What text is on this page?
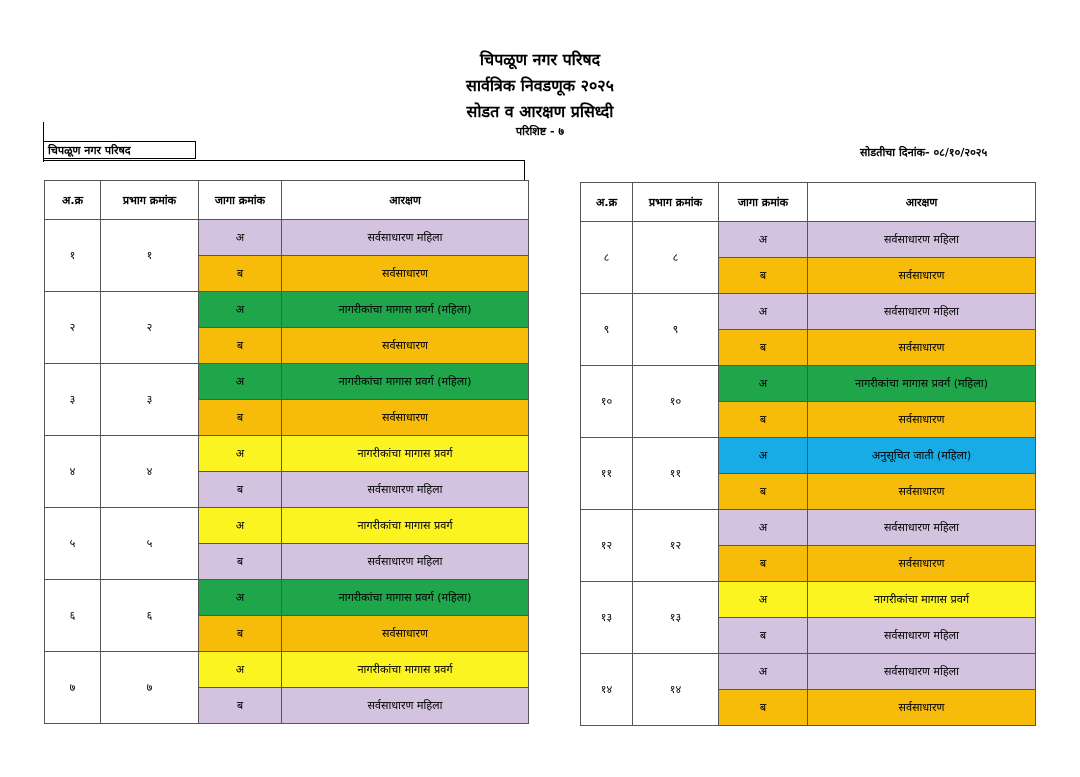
चिपळूण नगर परिषद
सार्वत्रिक निवडणूक २०२५
सोडत व आरक्षण प्रसिध्दी
परिशिष्ट - ७
चिपळूण नगर परिषद	सोडतीचा दिनांक- ०८/१०/२०२५
अ.क्र	प्रभाग क्रमांक	जागा क्रमांक	आरक्षण
१	१	अ	सर्वसाधारण महिला
		ब	सर्वसाधारण
२	२	अ	नागरीकांचा मागास प्रवर्ग (महिला)
		ब	सर्वसाधारण
३	३	अ	नागरीकांचा मागास प्रवर्ग (महिला)
		ब	सर्वसाधारण
४	४	अ	नागरीकांचा मागास प्रवर्ग
		ब	सर्वसाधारण महिला
५	५	अ	नागरीकांचा मागास प्रवर्ग
		ब	सर्वसाधारण महिला
६	६	अ	नागरीकांचा मागास प्रवर्ग (महिला)
		ब	सर्वसाधारण
७	७	अ	नागरीकांचा मागास प्रवर्ग
		ब	सर्वसाधारण महिला
अ.क्र	प्रभाग क्रमांक	जागा क्रमांक	आरक्षण
८	८	अ	सर्वसाधारण महिला
		ब	सर्वसाधारण
९	९	अ	सर्वसाधारण महिला
		ब	सर्वसाधारण
१०	१०	अ	नागरीकांचा मागास प्रवर्ग (महिला)
		ब	सर्वसाधारण
११	११	अ	अनुसूचित जाती (महिला)
		ब	सर्वसाधारण
१२	१२	अ	सर्वसाधारण महिला
		ब	सर्वसाधारण
१३	१३	अ	नागरीकांचा मागास प्रवर्ग
		ब	सर्वसाधारण महिला
१४	१४	अ	सर्वसाधारण महिला
		ब	सर्वसाधारण
